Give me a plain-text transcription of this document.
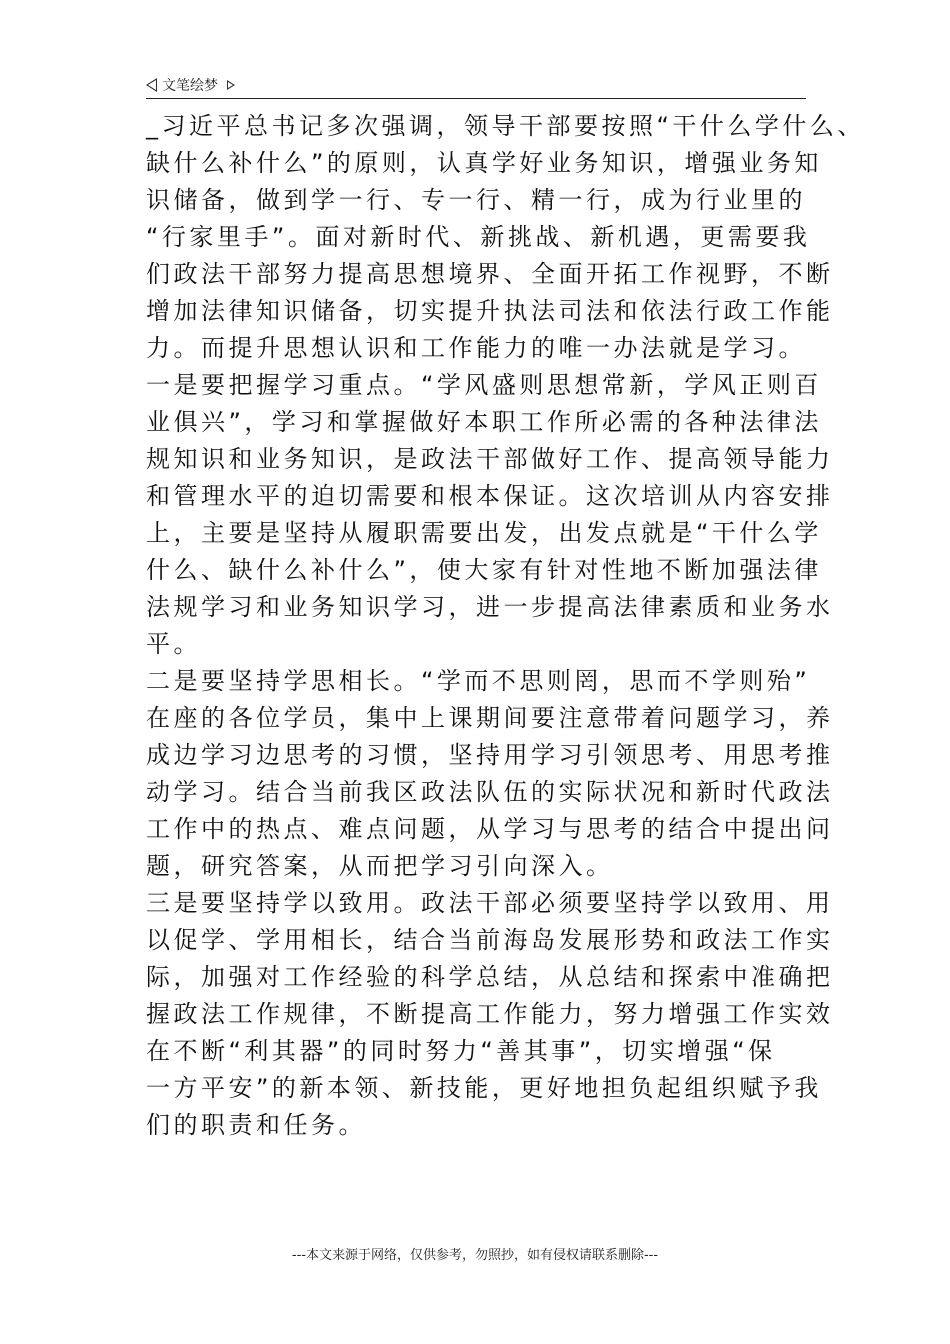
文笔绘梦
_习近平总书记多次强调，领导干部要按照“干什么学什么、
缺什么补什么”的原则，认真学好业务知识，增强业务知
识储备，做到学一行、专一行、精一行，成为行业里的
“行家里手”。面对新时代、新挑战、新机遇，更需要我
们政法干部努力提高思想境界、全面开拓工作视野，不断
增加法律知识储备，切实提升执法司法和依法行政工作能
力。而提升思想认识和工作能力的唯一办法就是学习。
一是要把握学习重点。“学风盛则思想常新，学风正则百
业俱兴”，学习和掌握做好本职工作所必需的各种法律法
规知识和业务知识，是政法干部做好工作、提高领导能力
和管理水平的迫切需要和根本保证。这次培训从内容安排
上，主要是坚持从履职需要出发，出发点就是“干什么学
什么、缺什么补什么”，使大家有针对性地不断加强法律
法规学习和业务知识学习，进一步提高法律素质和业务水
平。
二是要坚持学思相长。“学而不思则罔，思而不学则殆”
在座的各位学员，集中上课期间要注意带着问题学习，养
成边学习边思考的习惯，坚持用学习引领思考、用思考推
动学习。结合当前我区政法队伍的实际状况和新时代政法
工作中的热点、难点问题，从学习与思考的结合中提出问
题，研究答案，从而把学习引向深入。
三是要坚持学以致用。政法干部必须要坚持学以致用、用
以促学、学用相长，结合当前海岛发展形势和政法工作实
际，加强对工作经验的科学总结，从总结和探索中准确把
握政法工作规律，不断提高工作能力，努力增强工作实效
在不断“利其器”的同时努力“善其事”，切实增强“保
一方平安”的新本领、新技能，更好地担负起组织赋予我
们的职责和任务。
---本文来源于网络，仅供参考，勿照抄，如有侵权请联系删除---
